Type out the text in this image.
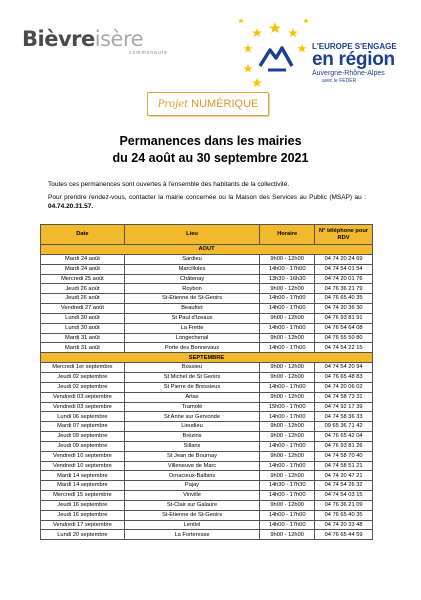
Bièvreisère
communauté
L'EUROPE S'ENGAGE
en région
Auvergne-Rhône-Alpes
avec le FEDER
Projet NUMÉRIQUE
Permanences dans les mairies
du 24 août au 30 septembre 2021

Toutes ces permanences sont ouvertes à l'ensemble des habitants de la collectivité.

Pour prendre rendez-vous, contacter la mairie concernée ou la Maison des Services au Public (MSAP) au : 04.74.20.31.57.

Date	Lieu	Horaire	N° téléphone pour RDV
AOUT			
Mardi 24 août	Sardieu	9h00 - 12h00	04 74 20 24 69
Mardi 24 août	Marcilloles	14h00 - 17h00	04 74 54 01 54
Mercredi 25 août	Châtenay	13h30 - 16h30	04 74 20 01 76
Jeudi 26 août	Roybon	9h00 - 12h00	04 76 36 21 79
Jeudi 26 août	St-Etienne de St-Geoirs	14h00 - 17h00	04 76 65 40 35
Vendredi 27 août	Beaufort	14h00 - 17h00	04 74 20 36 30
Lundi 30 août	St Paul d'Izeaux	9h00 - 12h00	04 76 93 81 91
Lundi 30 août	La Frette	14h00 - 17h00	04 76 54 64 08
Mardi 31 août	Longechenal	9h00 - 12h00	04 76 55 50 80
Mardi 31 août	Porte des Bonnevaux	14h00 - 17h00	04 74 54 22 15
SEPTEMBRE			
Mercredi 1er septembre	Bossieu	9h00 - 12h00	04 74 54 20 94
Jeudi 02 septembre	St Michel de St Geoirs	9h00 - 12h00	04 76 65 48 83
Jeudi 02 septembre	St Pierre de Bressieux	14h00 - 17h00	04 74 20 06 02
Vendredi 03 septembre	Artas	9h00 - 12h00	04 74 58 73 31
Vendredi 03 septembre	Tramolé	15h00 - 17h00	04 74 92 17 39
Lundi 06 septembre	St Anne sur Gervonde	14h00 - 17h00	04 74 58 36 33
Mardi 07 septembre	Lieudieu	9h00 - 12h00	09 65 36 71 42
Jeudi 09 septembre	Brézins	9h00 - 12h00	04 76 65 42 04
Jeudi 09 septembre	Sillans	14h00 - 17h00	04 76 93 81 26
Vendredi 10 septembre	St Jean de Bournay	9h00 - 12h00	04 74 58 70 40
Vendredi 10 septembre	Villeneuve de Marc	14h00 - 17h00	04 74 58 51 21
Mardi 14 septembre	Ornacieux-Balbins	9h00 - 12h00	04 74 20 47 21
Mardi 14 septembre	Pajay	14h30 - 17h30	04 74 54 26 32
Mercredi 15 septembre	Viriville	14h00 - 17h00	04 74 54 03 15
Jeudi 16 septembre	St-Clair sur Galaure	9h00 - 12h00	04 76 36 21 09
Jeudi 16 septembre	St-Etienne de St-Geoirs	14h00 - 17h00	04 76 65 40 35
Vendredi 17 septembre	Lentiol	14h00 - 17h00	04 74 20 33 48
Lundi 20 septembre	La Forteresse	9h00 - 12h00	04 76 65 44 59
